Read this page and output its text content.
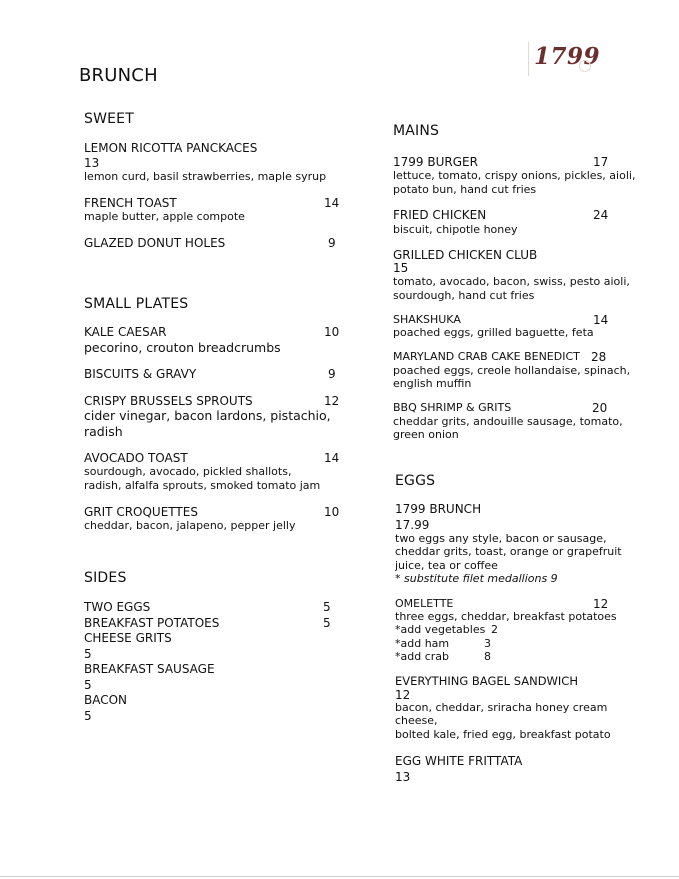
1799
BRUNCH
SWEET
LEMON RICOTTA PANCKACES
13
lemon curd, basil strawberries, maple syrup
FRENCH TOAST	14
maple butter, apple compote
GLAZED DONUT HOLES	9
SMALL PLATES
KALE CAESAR	10
pecorino, crouton breadcrumbs
BISCUITS & GRAVY	9
CRISPY BRUSSELS SPROUTS	12
cider vinegar, bacon lardons, pistachio,
radish
AVOCADO TOAST	14
sourdough, avocado, pickled shallots,
radish, alfalfa sprouts, smoked tomato jam
GRIT CROQUETTES	10
cheddar, bacon, jalapeno, pepper jelly
SIDES
TWO EGGS	5
BREAKFAST POTATOES	5
CHEESE GRITS
5
BREAKFAST SAUSAGE
5
BACON
5
MAINS
1799 BURGER	17
lettuce, tomato, crispy onions, pickles, aioli,
potato bun, hand cut fries
FRIED CHICKEN	24
biscuit, chipotle honey
GRILLED CHICKEN CLUB
15
tomato, avocado, bacon, swiss, pesto aioli,
sourdough, hand cut fries
SHAKSHUKA	14
poached eggs, grilled baguette, feta
MARYLAND CRAB CAKE BENEDICT 28
poached eggs, creole hollandaise, spinach,
english muffin
BBQ SHRIMP & GRITS	20
cheddar grits, andouille sausage, tomato,
green onion
EGGS
1799 BRUNCH
17.99
two eggs any style, bacon or sausage,
cheddar grits, toast, orange or grapefruit
juice, tea or coffee
* substitute filet medallions 9
OMELETTE	12
three eggs, cheddar, breakfast potatoes
*add vegetables 2
*add ham	3
*add crab	8
EVERYTHING BAGEL SANDWICH
12
bacon, cheddar, sriracha honey cream
cheese,
bolted kale, fried egg, breakfast potato
EGG WHITE FRITTATA
13
